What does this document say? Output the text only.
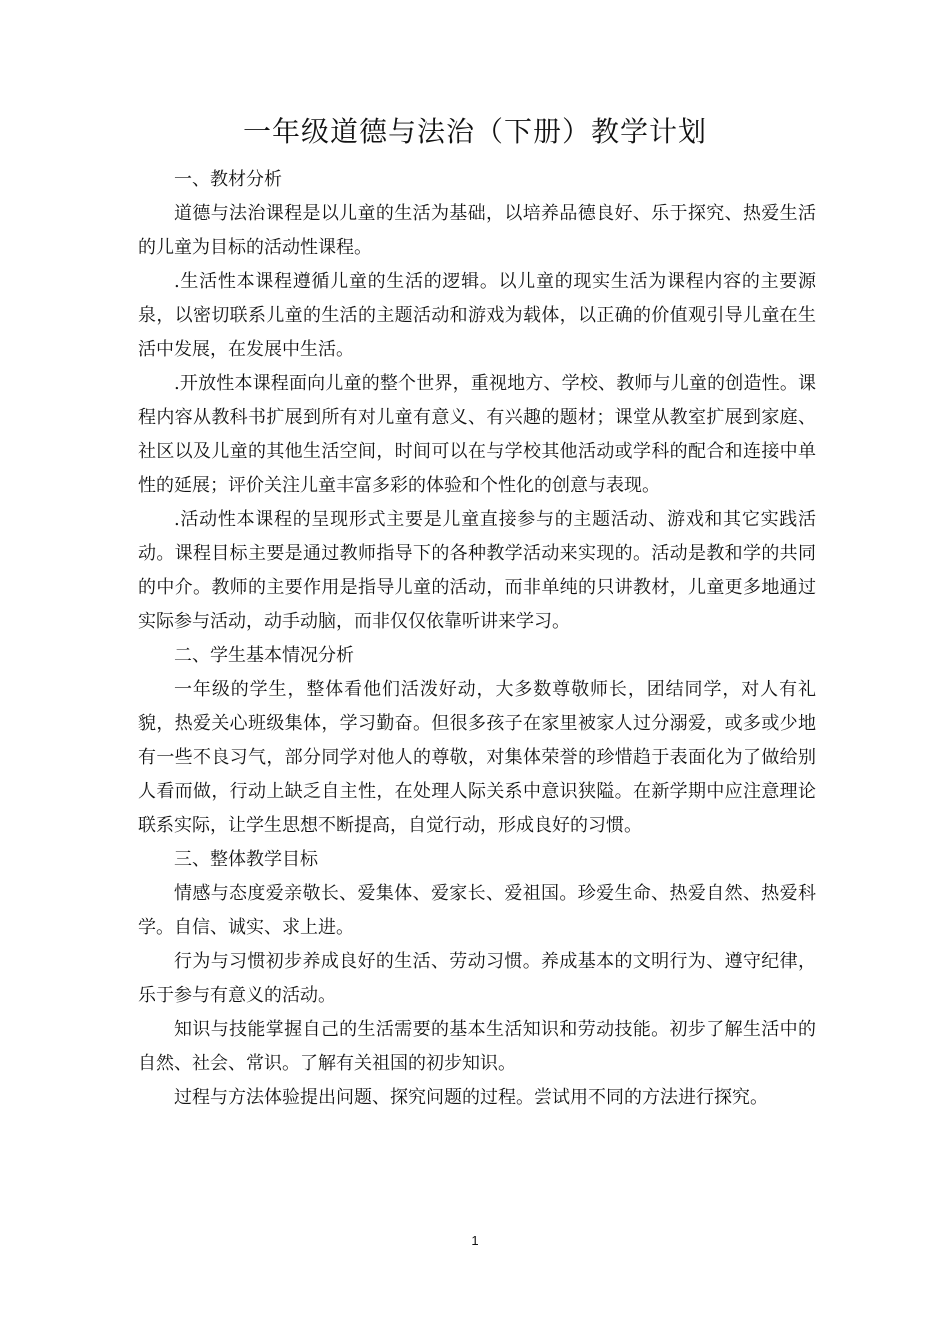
一年级道德与法治（下册）教学计划

一、教材分析

道德与法治课程是以儿童的生活为基础，以培养品德良好、乐于探究、热爱生活的儿童为目标的活动性课程。

.生活性本课程遵循儿童的生活的逻辑。以儿童的现实生活为课程内容的主要源泉，以密切联系儿童的生活的主题活动和游戏为载体，以正确的价值观引导儿童在生活中发展，在发展中生活。

.开放性本课程面向儿童的整个世界，重视地方、学校、教师与儿童的创造性。课程内容从教科书扩展到所有对儿童有意义、有兴趣的题材；课堂从教室扩展到家庭、社区以及儿童的其他生活空间，时间可以在与学校其他活动或学科的配合和连接中单性的延展；评价关注儿童丰富多彩的体验和个性化的创意与表现。

.活动性本课程的呈现形式主要是儿童直接参与的主题活动、游戏和其它实践活动。课程目标主要是通过教师指导下的各种教学活动来实现的。活动是教和学的共同的中介。教师的主要作用是指导儿童的活动，而非单纯的只讲教材，儿童更多地通过实际参与活动，动手动脑，而非仅仅依靠听讲来学习。

二、学生基本情况分析

一年级的学生，整体看他们活泼好动，大多数尊敬师长，团结同学，对人有礼貌，热爱关心班级集体，学习勤奋。但很多孩子在家里被家人过分溺爱，或多或少地有一些不良习气，部分同学对他人的尊敬，对集体荣誉的珍惜趋于表面化为了做给别人看而做，行动上缺乏自主性，在处理人际关系中意识狭隘。在新学期中应注意理论联系实际，让学生思想不断提高，自觉行动，形成良好的习惯。

三、整体教学目标

情感与态度爱亲敬长、爱集体、爱家长、爱祖国。珍爱生命、热爱自然、热爱科学。自信、诚实、求上进。

行为与习惯初步养成良好的生活、劳动习惯。养成基本的文明行为、遵守纪律，乐于参与有意义的活动。

知识与技能掌握自己的生活需要的基本生活知识和劳动技能。初步了解生活中的自然、社会、常识。了解有关祖国的初步知识。

过程与方法体验提出问题、探究问题的过程。尝试用不同的方法进行探究。

1
